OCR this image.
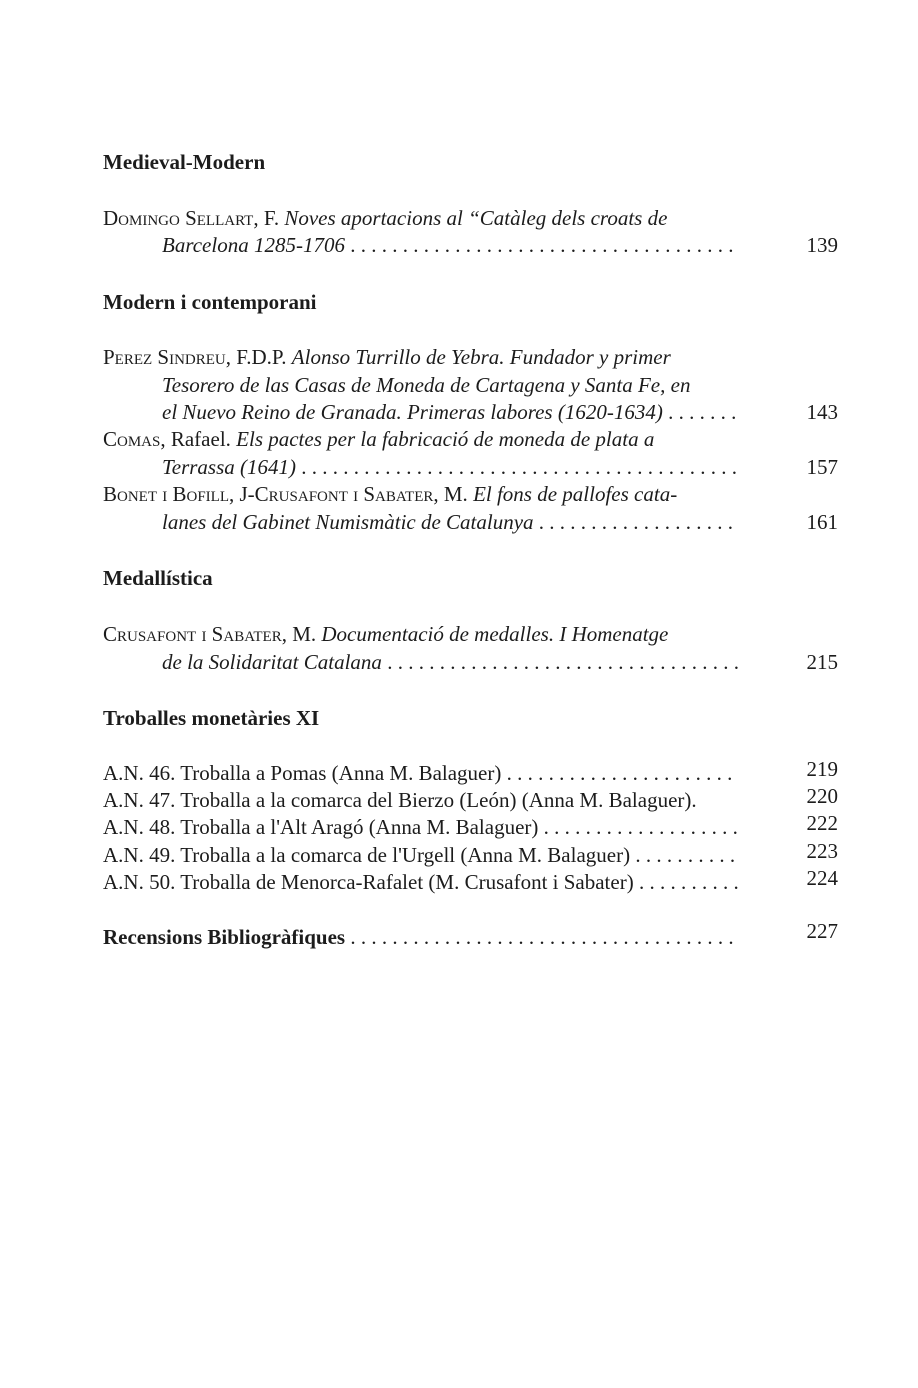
Medieval-Modern
Domingo Sellart, F. Noves aportacions al “Catàleg dels croats de
Barcelona 1285-1706 . . .	139
Modern i contemporani
Perez Sindreu, F.D.P. Alonso Turrillo de Yebra. Fundador y primer
Tesorero de las Casas de Moneda de Cartagena y Santa Fe, en
el Nuevo Reino de Granada. Primeras labores (1620-1634) . . .	143
Comas, Rafael. Els pactes per la fabricació de moneda de plata a
Terrassa (1641) . . .	157
Bonet i Bofill, J-Crusafont i Sabater, M. El fons de pallofes cata-
lanes del Gabinet Numismàtic de Catalunya . . .	161
Medallística
Crusafont i Sabater, M. Documentació de medalles. I Homenatge
de la Solidaritat Catalana . . .	215
Troballes monetàries XI
A.N. 46. Troballa a Pomas (Anna M. Balaguer) . . .	219
A.N. 47. Troballa a la comarca del Bierzo (León) (Anna M. Balaguer).	220
A.N. 48. Troballa a l'Alt Aragó (Anna M. Balaguer) . . .	222
A.N. 49. Troballa a la comarca de l'Urgell (Anna M. Balaguer) . . .	223
A.N. 50. Troballa de Menorca-Rafalet (M. Crusafont i Sabater) . . .	224
Recensions Bibliogràfiques . . .	227
